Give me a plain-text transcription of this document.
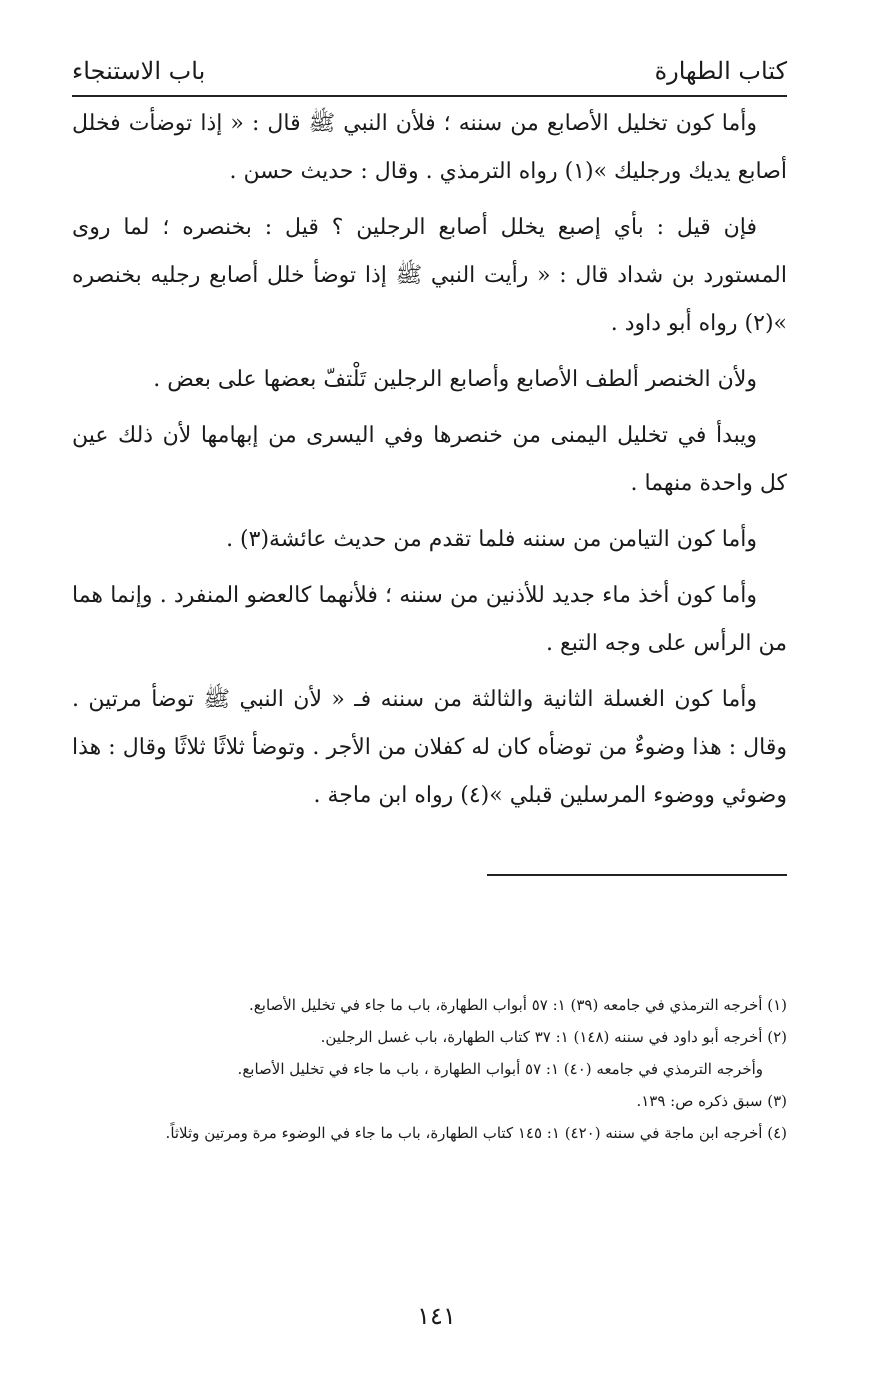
كتاب الطهارة
باب الاستنجاء

وأما كون تخليل الأصابع من سننه ؛ فلأن النبي ﷺ قال : « إذا توضأت فخلل أصابع يديك ورجليك »(١) رواه الترمذي . وقال : حديث حسن .

فإن قيل : بأي إصبع يخلل أصابع الرجلين ؟ قيل : بخنصره ؛ لما روى المستورد بن شداد قال : « رأيت النبي ﷺ إذا توضأ خلل أصابع رجليه بخنصره »(٢) رواه أبو داود .

ولأن الخنصر ألطف الأصابع وأصابع الرجلين تَلْتفّ بعضها على بعض .

ويبدأ في تخليل اليمنى من خنصرها وفي اليسرى من إبهامها لأن ذلك عين كل واحدة منهما .

وأما كون التيامن من سننه فلما تقدم من حديث عائشة(٣) .

وأما كون أخذ ماء جديد للأذنين من سننه ؛ فلأنهما كالعضو المنفرد . وإنما هما من الرأس على وجه التبع .

وأما كون الغسلة الثانية والثالثة من سننه فـ « لأن النبي ﷺ توضأ مرتين . وقال : هذا وضوءٌ من توضأه كان له كفلان من الأجر . وتوضأ ثلاثًا ثلاثًا وقال : هذا وضوئي ووضوء المرسلين قبلي »(٤) رواه ابن ماجة .

(١) أخرجه الترمذي في جامعه (٣٩) ١: ٥٧ أبواب الطهارة، باب ما جاء في تخليل الأصابع.
(٢) أخرجه أبو داود في سننه (١٤٨) ١: ٣٧ كتاب الطهارة، باب غسل الرجلين.
وأخرجه الترمذي في جامعه (٤٠) ١: ٥٧ أبواب الطهارة ، باب ما جاء في تخليل الأصابع.
(٣) سبق ذكره ص: ١٣٩.
(٤) أخرجه ابن ماجة في سننه (٤٢٠) ١: ١٤٥ كتاب الطهارة، باب ما جاء في الوضوء مرة ومرتين وثلاثاً.
١٤١
